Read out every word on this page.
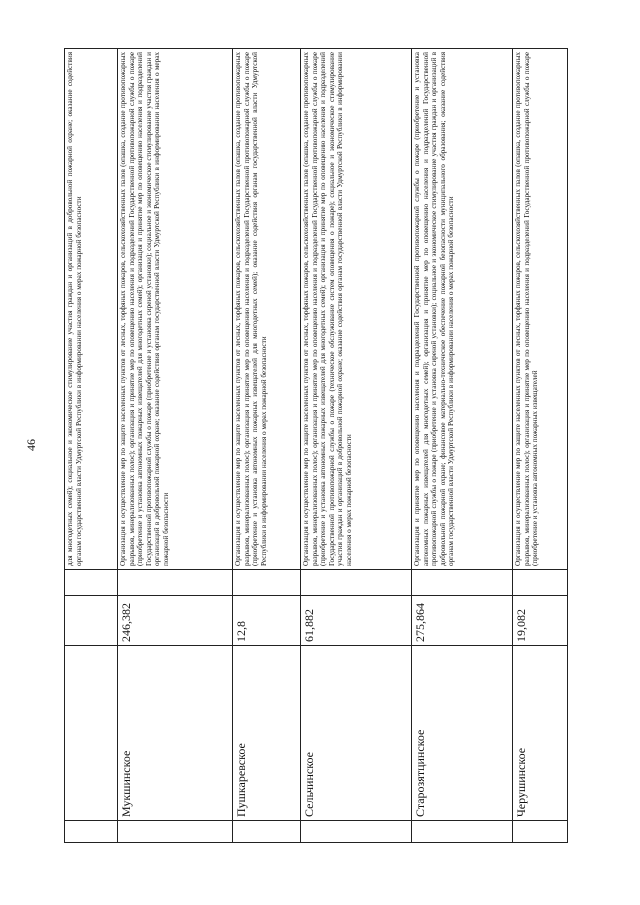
46
					для многодетных семей); социальное и экономическое стимулирование участия граждан и организаций в добровольной пожарной охране; оказание содействия органам государственной власти Удмуртской Республики в информировании населения о мерах пожарной безопасности
	Мукшинское	246,382		Организация и осуществление мер по защите населенных пунктов от лесных, торфяных пожаров, сельскохозяйственных палов (опашка, создание противопожарных разрывов, минерализованных полос); организация и принятие мер по оповещению населения и подразделений Государственной противопожарной службы о пожаре (приобретение и установка автономных пожарных извещателей для многодетных семей); организация и принятие мер по оповещению населения и подразделений Государственной противопожарной службы о пожаре (приобретение и установка сиреной установки); социальное и экономическое стимулирование участия граждан и организаций в добровольной пожарной охране; оказание содействия органам государственной власти Удмуртской Республики в информировании населения о мерах пожарной безопасности
	Пушкаревское	12,8		Организация и осуществление мер по защите населенных пунктов от лесных, торфяных пожаров, сельскохозяйственных палов (опашка, создание противопожарных разрывов, минерализованных полос); организация и принятие мер по оповещению населения и подразделений Государственной противопожарной службы о пожаре (приобретение и установка автономных пожарных извещателей для многодетных семей); оказание содействия органам государственной власти Удмуртской Республики в информировании населения о мерах пожарной безопасности
	Сельчинское	61,882		Организация и осуществление мер по защите населенных пунктов от лесных, торфяных пожаров, сельскохозяйственных палов (опашка, создание противопожарных разрывов, минерализованных полос); организация и принятие мер по оповещению населения и подразделений Государственной противопожарной службы о пожаре (приобретение и установка автономных пожарных извещателей для многодетных семей); организация и принятие мер по оповещению населения и подразделений Государственной противопожарной службы о пожаре (техническое обслуживание систем оповещения о пожаре); социальное и экономическое стимулирование участия граждан и организаций в добровольной пожарной охране; оказание содействия органам государственной власти Удмуртской Республики в информировании населения о мерах пожарной безопасности
	Старозятцинское	275,864		Организация и принятие мер по оповещению населения и подразделений Государственной противопожарной службы о пожаре (приобретение и установка автономных пожарных извещателей для многодетных семей); организация и принятие мер по оповещению населения и подразделений Государственной противопожарной службы о пожаре (приобретение и установка сиреной установки); социальное и экономическое стимулирование участия граждан и организаций в добровольной пожарной охране; финансовое материально-техническое обеспечение пожарной безопасности муниципального образования; оказание содействия органам государственной власти Удмуртской Республики в информировании населения о мерах пожарной безопасности
	Черушинское	19,082		Организация и осуществление мер по защите населенных пунктов от лесных, торфяных пожаров, сельскохозяйственных палов (опашка, создание противопожарных разрывов, минерализованных полос); организация и принятие мер по оповещению населения и подразделений Государственной противопожарной службы о пожаре (приобретение и установка автономных пожарных извещателей
